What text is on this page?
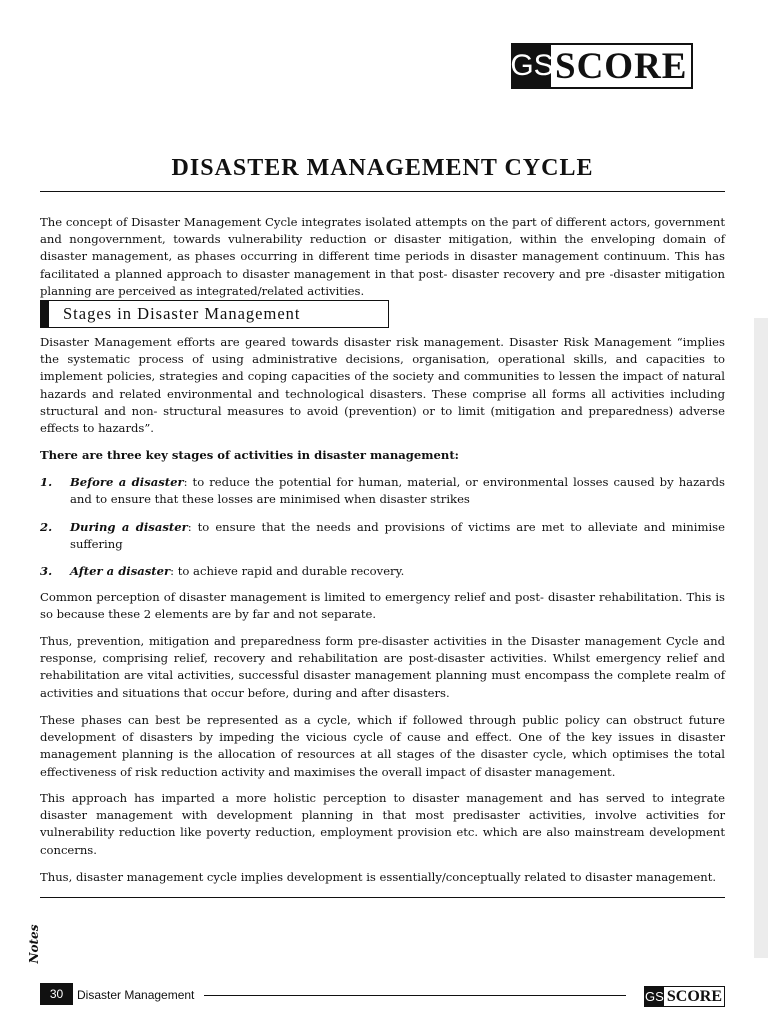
GS SCORE
DISASTER MANAGEMENT CYCLE

The concept of Disaster Management Cycle integrates isolated attempts on the part of different actors, government and nongovernment, towards vulnerability reduction or disaster mitigation, within the enveloping domain of disaster management, as phases occurring in different time periods in disaster management continuum. This has facilitated a planned approach to disaster management in that post- disaster recovery and pre -disaster mitigation planning are perceived as integrated/related activities.

Stages in Disaster Management

Disaster Management efforts are geared towards disaster risk management. Disaster Risk Management “implies the systematic process of using administrative decisions, organisation, operational skills, and capacities to implement policies, strategies and coping capacities of the society and communities to lessen the impact of natural hazards and related environmental and technological disasters. These comprise all forms all activities including structural and non- structural measures to avoid (prevention) or to limit (mitigation and preparedness) adverse effects to hazards”.

There are three key stages of activities in disaster management:

1.	Before a disaster: to reduce the potential for human, material, or environmental losses caused by hazards and to ensure that these losses are minimised when disaster strikes
2.	During a disaster: to ensure that the needs and provisions of victims are met to alleviate and minimise suffering
3.	After a disaster: to achieve rapid and durable recovery.

Common perception of disaster management is limited to emergency relief and post- disaster rehabilitation. This is so because these 2 elements are by far and not separate.

Thus, prevention, mitigation and preparedness form pre-disaster activities in the Disaster management Cycle and response, comprising relief, recovery and rehabilitation are post-disaster activities. Whilst emergency relief and rehabilitation are vital activities, successful disaster management planning must encompass the complete realm of activities and situations that occur before, during and after disasters.

These phases can best be represented as a cycle, which if followed through public policy can obstruct future development of disasters by impeding the vicious cycle of cause and effect. One of the key issues in disaster management planning is the allocation of resources at all stages of the disaster cycle, which optimises the total effectiveness of risk reduction activity and maximises the overall impact of disaster management.

This approach has imparted a more holistic perception to disaster management and has served to integrate disaster management with development planning in that most predisaster activities, involve activities for vulnerability reduction like poverty reduction, employment provision etc. which are also mainstream development concerns.

Thus, disaster management cycle implies development is essentially/conceptually related to disaster management.

Notes
30	Disaster Management	GS SCORE
